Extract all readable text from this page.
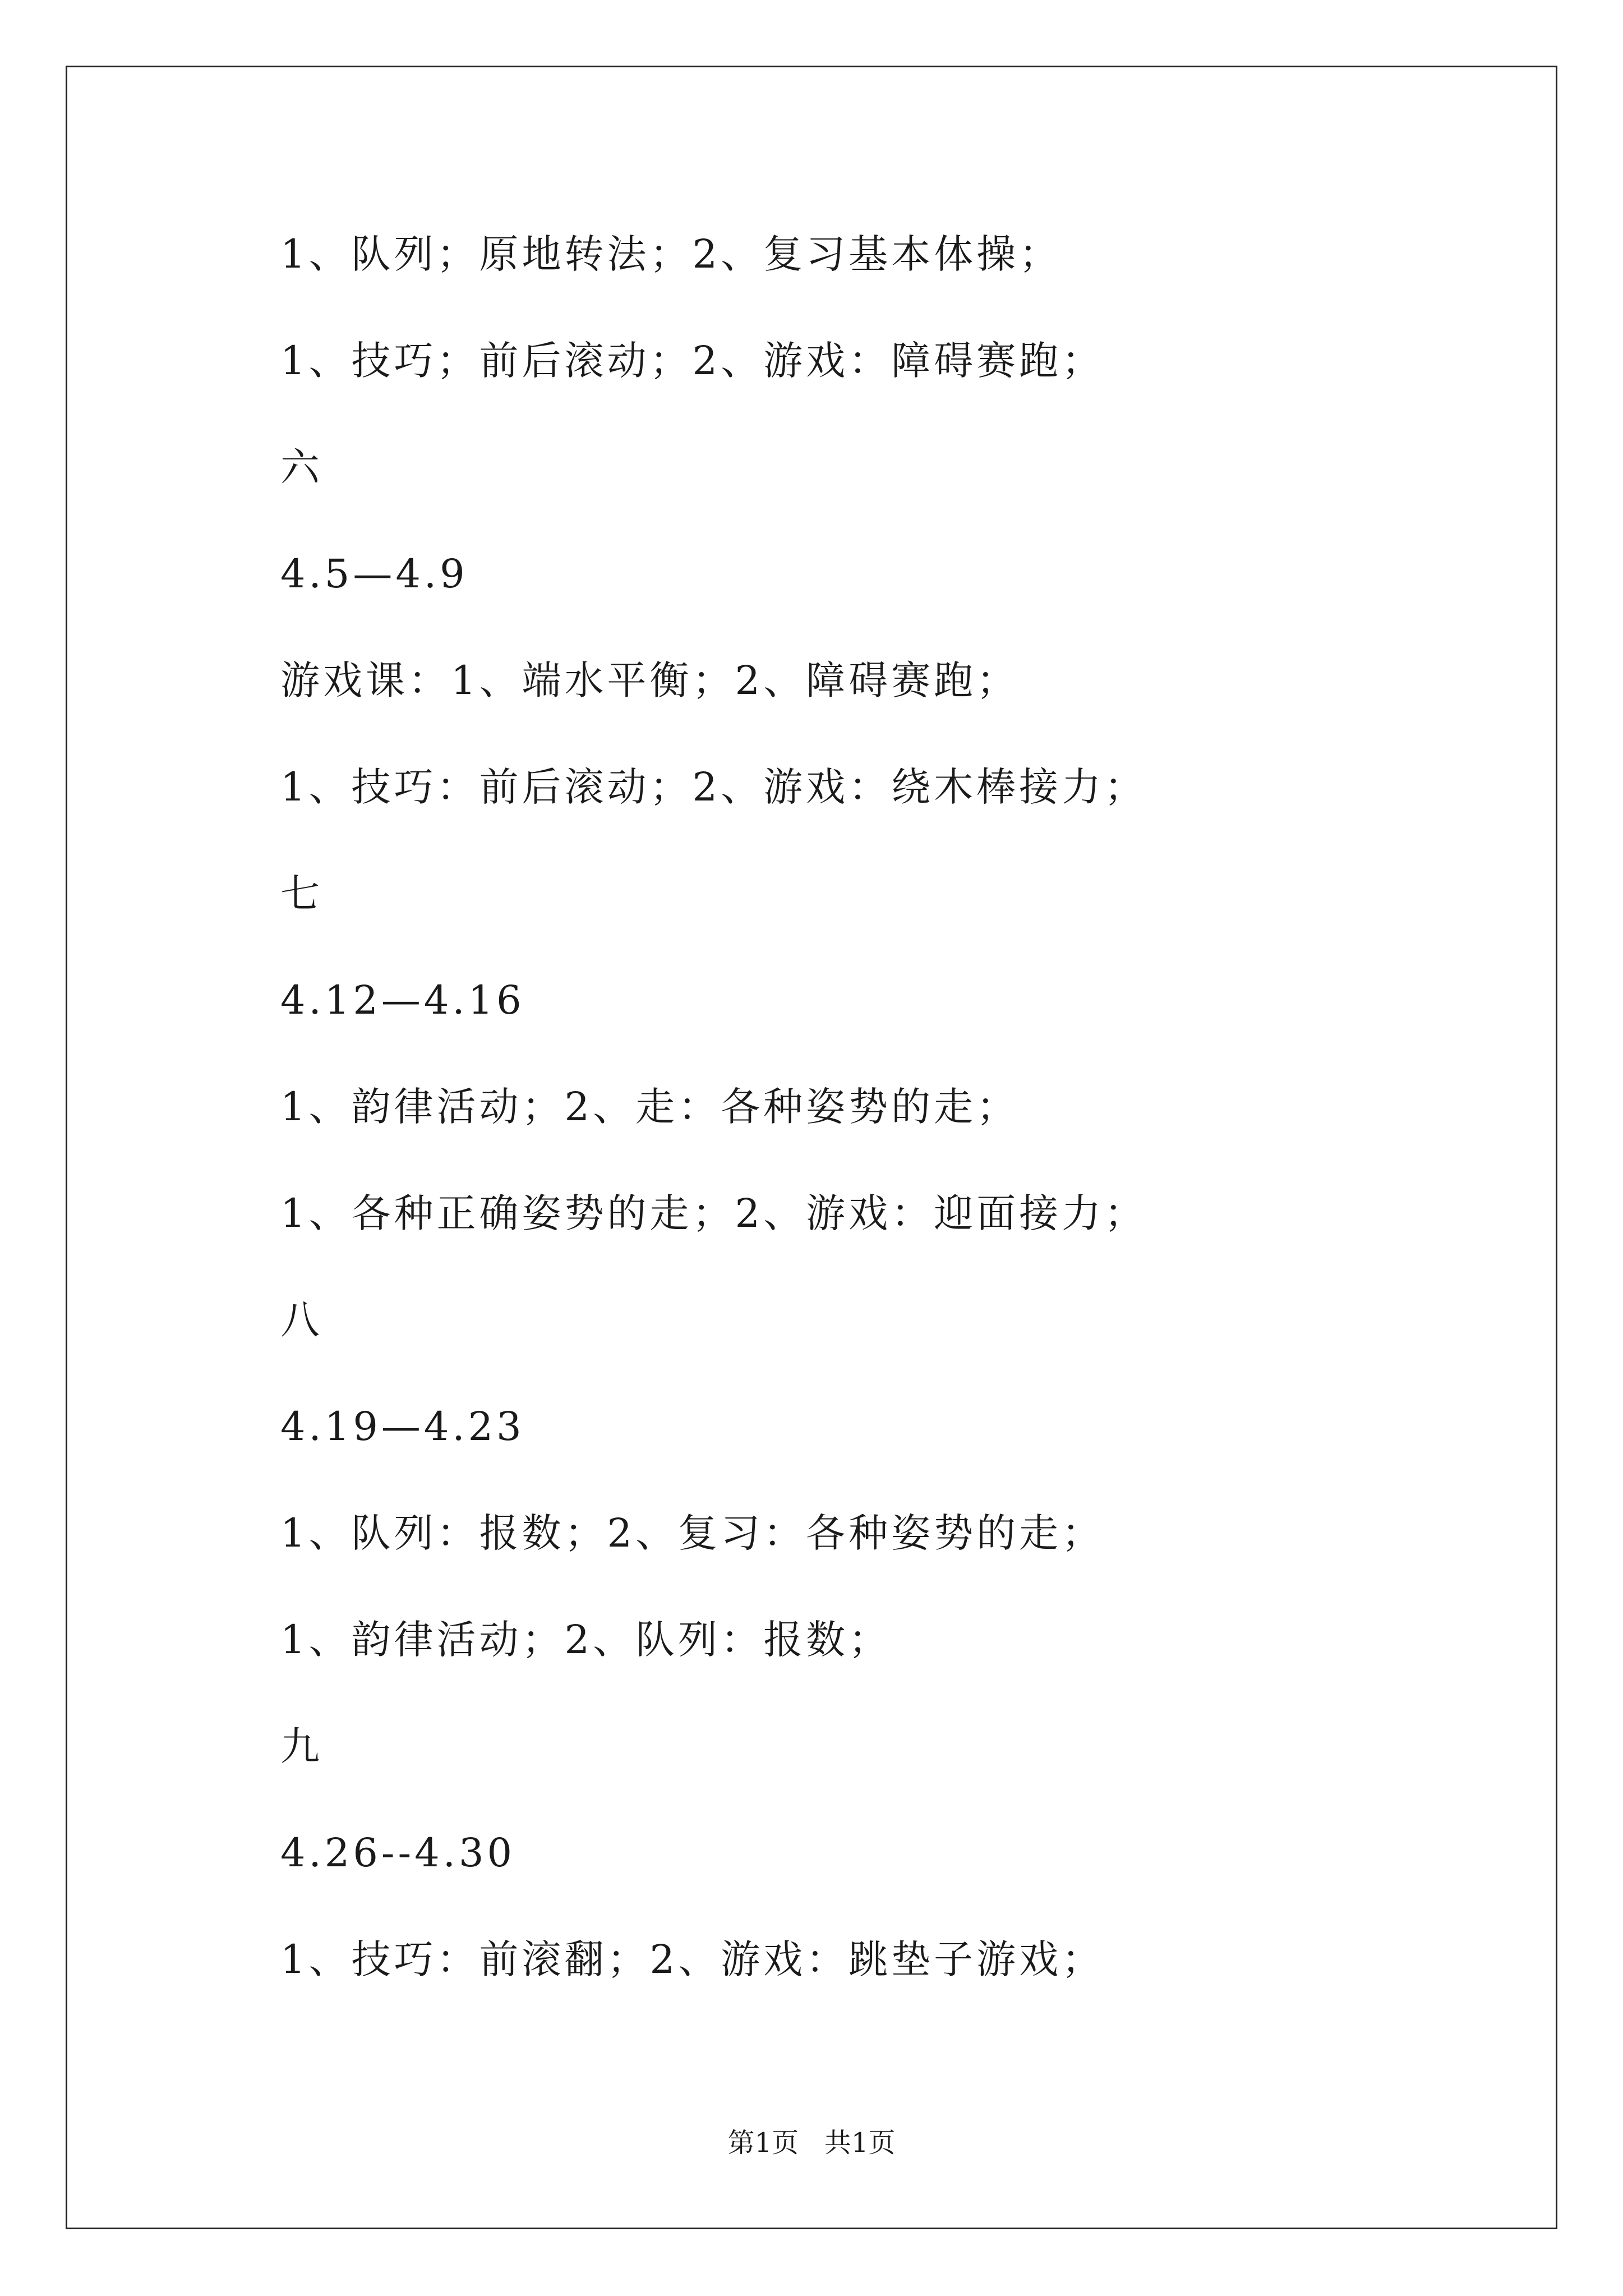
1、队列；原地转法；2、复习基本体操；
1、技巧；前后滚动；2、游戏：障碍赛跑；
六
4.5—4.9
游戏课：1、端水平衡；2、障碍赛跑；
1、技巧：前后滚动；2、游戏：绕木棒接力；
七
4.12—4.16
1、韵律活动；2、走：各种姿势的走；
1、各种正确姿势的走；2、游戏：迎面接力；
八
4.19—4.23
1、队列：报数；2、复习：各种姿势的走；
1、韵律活动；2、队列：报数；
九
4.26--4.30
1、技巧：前滚翻；2、游戏：跳垫子游戏；
第1页   共1页
